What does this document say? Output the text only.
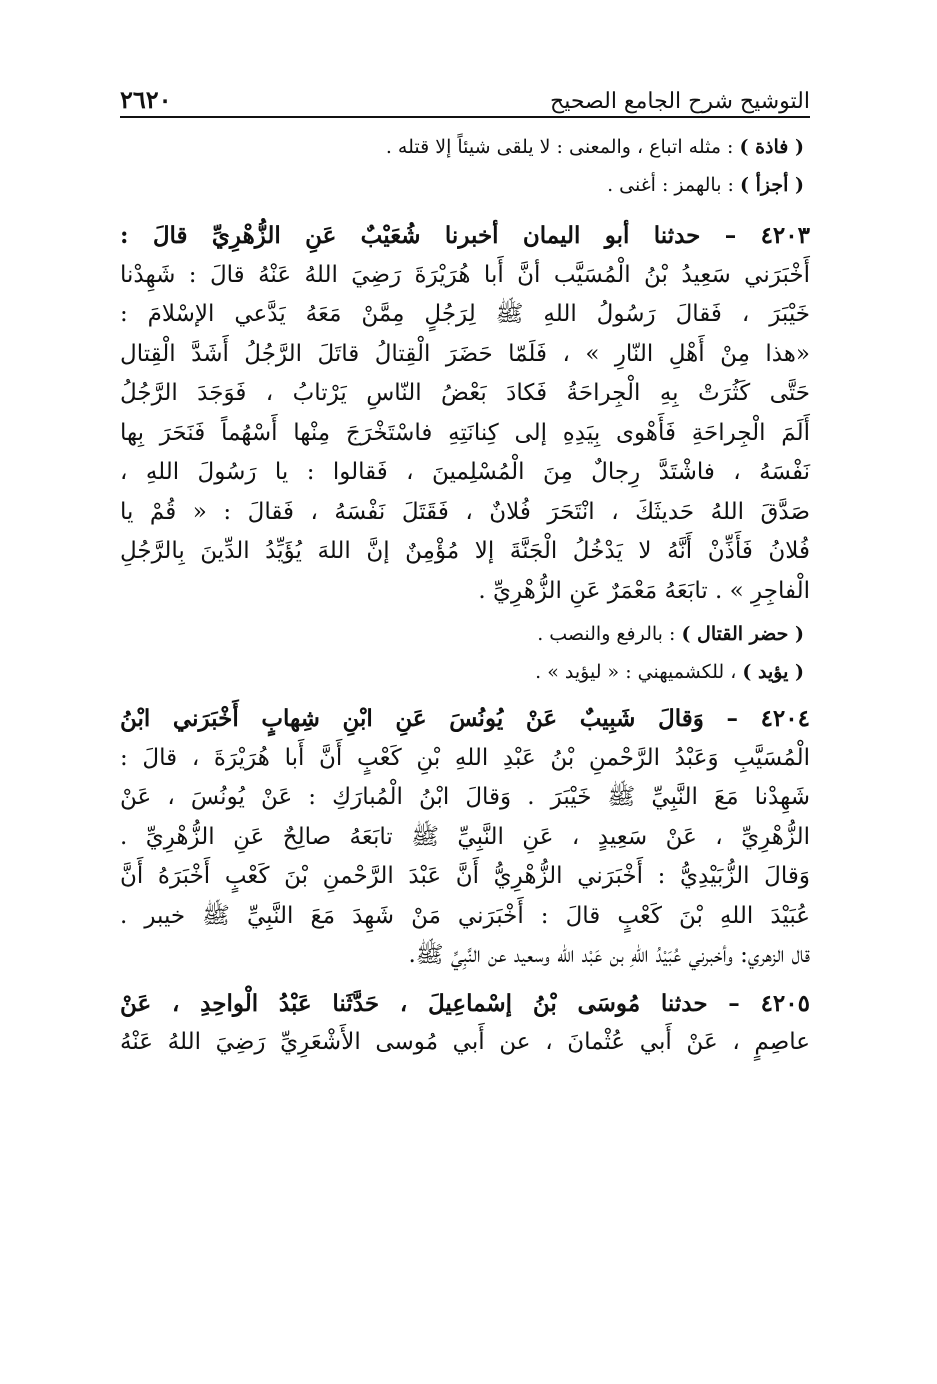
التوشيح شرح الجامع الصحيح
٢٦٢٠
( فاذة ) : مثله اتباع ، والمعنى : لا يلقى شيئاً إلا قتله .
( أجزأ ) : بالهمز : أغنى .
٤٢٠٣ – حدثنا أبو اليمان أخبرنا شُعَيْبٌ عَنِ الزُّهْرِيِّ قالَ :
أَخْبَرَني سَعِيدُ بْنُ الْمُسَيَّب أنَّ أَبا هُرَيْرَةَ رَضِيَ اللهُ عَنْهُ قالَ : شَهِدْنا
خَيْبَرَ ، فَقالَ رَسُولُ اللهِ ﷺ لِرَجُلٍ مِمَّنْ مَعَهُ يَدَّعي الإسْلامَ :
«هذا مِنْ أَهْلِ النّارِ » ، فَلَمّا حَضَرَ الْقِتالُ قاتَلَ الرَّجُلُ أَشَدَّ الْقِتال
حَتَّى كَثُرَتْ بِهِ الْجِراحَةُ فَكادَ بَعْضُ النّاسِ يَرْتابُ ، فَوَجَدَ الرَّجُلُ
أَلَمَ الْجِراحَةِ فَأَهْوى بِيَدِهِ إلى كِنانَتِهِ فاسْتَخْرَجَ مِنْها أَسْهُماً فَنَحَرَ بِها
نَفْسَهُ ، فاشْتَدَّ رِجالٌ مِنَ الْمُسْلِمينَ ، فَقالوا : يا رَسُولَ اللهِ ،
صَدَّقَ اللهُ حَديثَكَ ، انْتَحَرَ فُلانٌ ، فَقَتَلَ نَفْسَهُ ، فَقالَ : « قُمْ يا
فُلانُ فَأَذِّنْ أَنَّهُ لا يَدْخُلُ الْجَنَّةَ إلا مُؤْمِنٌ إنَّ اللهَ يُؤَيِّدُ الدِّينَ بِالرَّجُلِ
الْفاجِرِ » . تابَعَهُ مَعْمَرٌ عَنِ الزُّهْرِيِّ .
( حضر القتال ) : بالرفع والنصب .
( يؤيد ) ، للكشميهني : « ليؤيد » .
٤٢٠٤ – وَقالَ شَبِيبٌ عَنْ يُونُسَ عَنِ ابْنِ شِهابٍ أَخْبَرَني ابْنُ
الْمُسَيَّبِ وَعَبْدُ الرَّحْمنِ بْنُ عَبْدِ اللهِ بْنِ كَعْبٍ أَنَّ أَبا هُرَيْرَةَ ، قالَ :
شَهِدْنا مَعَ النَّبِيِّ ﷺ خَيْبَرَ . وَقالَ ابْنُ الْمُبارَكِ : عَنْ يُونُسَ ، عَنْ
الزُّهْرِيِّ ، عَنْ سَعِيدٍ ، عَنِ النَّبِيِّ ﷺ تابَعَهُ صالِحٌ عَنِ الزُّهْرِيِّ .
وَقالَ الزُّبَيْدِيُّ : أَخْبَرَني الزُّهْرِيُّ أَنَّ عَبْدَ الرَّحْمنِ بْنَ كَعْبٍ أَخْبَرَهُ أَنَّ
عُبَيْدَ اللهِ بْنَ كَعْبٍ قالَ : أَخْبَرَني مَنْ شَهِدَ مَعَ النَّبِيِّ ﷺ خيبر .
قال الزهري: وأخبرني عُبَيْدُ اللهِ بن عَبْد الله وسعيد عن النَّبِيِّ ﷺ.
٤٢٠٥ – حدثنا مُوسَى بْنُ إسْماعِيلَ ، حَدَّثَنا عَبْدُ الْواحِدِ ، عَنْ
عاصِمٍ ، عَنْ أَبي عُثْمانَ ، عن أَبي مُوسى الأَشْعَرِيِّ رَضِيَ اللهُ عَنْهُ
